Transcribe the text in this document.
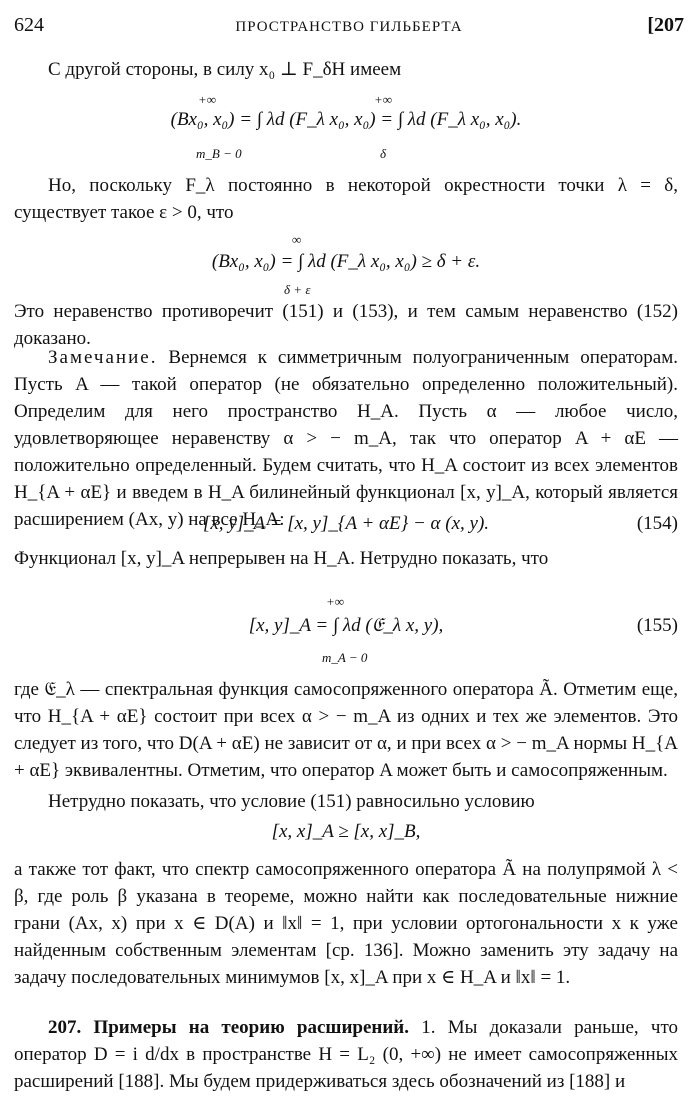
624	ПРОСТРАНСТВО ГИЛЬБЕРТА	[207

С другой стороны, в силу x₀ ⊥ F_δH имеем

(Bx₀, x₀) = ∫ λd (F_λ x₀, x₀) = ∫ λd (F_λ x₀, x₀).
+∞
m_B − 0
+∞
δ

Но, поскольку F_λ постоянно в некоторой окрестности точки λ = δ, существует такое ε > 0, что

(Bx₀, x₀) = ∫ λd (F_λ x₀, x₀) ≥ δ + ε.
∞
δ + ε

Это неравенство противоречит (151) и (153), и тем самым неравенство (152) доказано.

Замечание. Вернемся к симметричным полуограниченным операторам. Пусть A — такой оператор (не обязательно определенно положительный). Определим для него пространство H_A. Пусть α — любое число, удовлетворяющее неравенству α > − m_A, так что оператор A + αE — положительно определенный. Будем считать, что H_A состоит из всех элементов H_{A + αE} и введем в H_A билинейный функционал [x, y]_A, который является расширением (Ax, y) на все H_A:

[x, y]_A = [x, y]_{A + αE} − α (x, y).	(154)

Функционал [x, y]_A непрерывен на H_A. Нетрудно показать, что

[x, y]_A = ∫ λd (𝔈_λ x, y),
+∞
m_A − 0
(155)

где 𝔈_λ — спектральная функция самосопряженного оператора Ã. Отметим еще, что H_{A + αE} состоит при всех α > − m_A из одних и тех же элементов. Это следует из того, что D(A + αE) не зависит от α, и при всех α > − m_A нормы H_{A + αE} эквивалентны. Отметим, что оператор A может быть и самосопряженным.

Нетрудно показать, что условие (151) равносильно условию

[x, x]_A ≥ [x, x]_B,

а также тот факт, что спектр самосопряженного оператора Ã на полупрямой λ < β, где роль β указана в теореме, можно найти как последовательные нижние грани (Ax, x) при x ∈ D(A) и ‖x‖ = 1, при условии ортогональности x к уже найденным собственным элементам [ср. 136]. Можно заменить эту задачу на задачу последовательных минимумов [x, x]_A при x ∈ H_A и ‖x‖ = 1.

207. Примеры на теорию расширений. 1. Мы доказали раньше, что оператор D = i d/dx в пространстве H = L₂ (0, +∞) не имеет самосопряженных расширений [188]. Мы будем придерживаться здесь обозначений из [188] и
